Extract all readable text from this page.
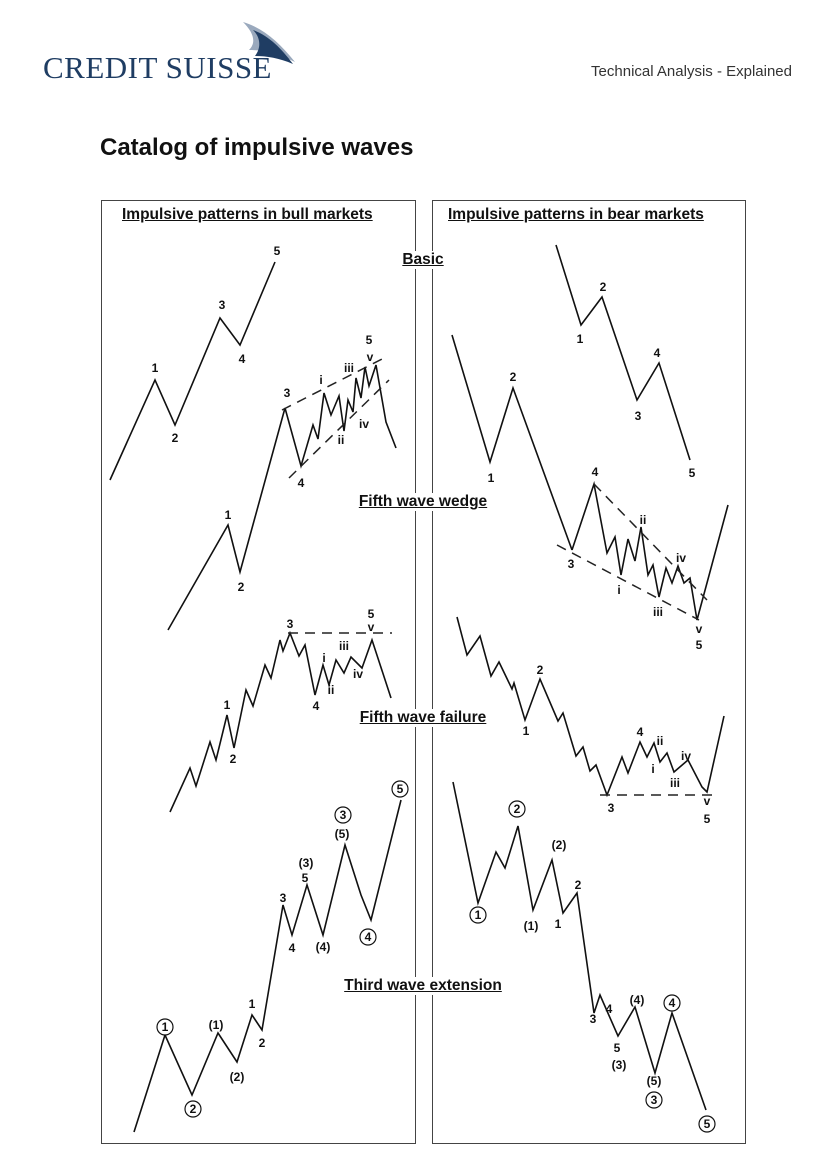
CREDIT SUISSE	Technical Analysis - Explained
Catalog of impulsive waves
Impulsive patterns in bull markets	Impulsive patterns in bear markets
1
2
3
4
5
1
2
1
2
3
4
5
1
2
3
4
i
ii
iii
iv
5
v
3
4
i
ii
iii
iv
v
5
1
2
3
4
i
ii
iii
iv
5
v
1
2
3
4
i
ii
iii
iv
v
5
1
2
3
4
5
(1)
(2)
(3)
(4)
(5)
1
2
3
4
5
(1)
(2)
1
2
3
4
5
(3)
(4)
(5)
1
2
3
4
5
Basic
Fifth wave wedge
Fifth wave failure
Third wave extension
